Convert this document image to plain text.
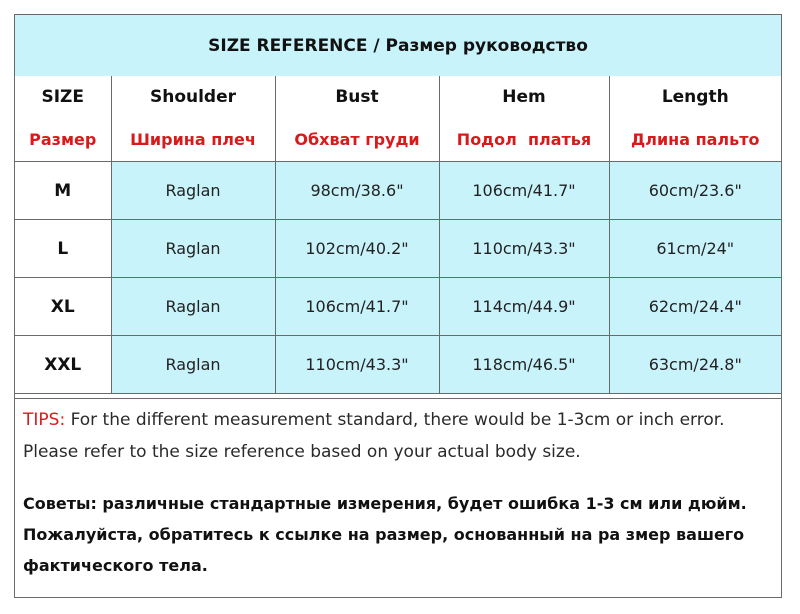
SIZE REFERENCE / Размер руководство
SIZE	Shoulder	Bust	Hem	Length
Размер	Ширина плеч	Обхват груди	Подол  платья	Длина пальто
M	Raglan	98cm/38.6"	106cm/41.7"	60cm/23.6"
L	Raglan	102cm/40.2"	110cm/43.3"	61cm/24"
XL	Raglan	106cm/41.7"	114cm/44.9"	62cm/24.4"
XXL	Raglan	110cm/43.3"	118cm/46.5"	63cm/24.8"

TIPS: For the different measurement standard, there would be 1-3cm or inch error. Please refer to the size reference based on your actual body size.

Советы: различные стандартные измерения, будет ошибка 1-3 см или дюйм. Пожалуйста, обратитесь к ссылке на размер, основанный на ра змер вашего фактического тела.
